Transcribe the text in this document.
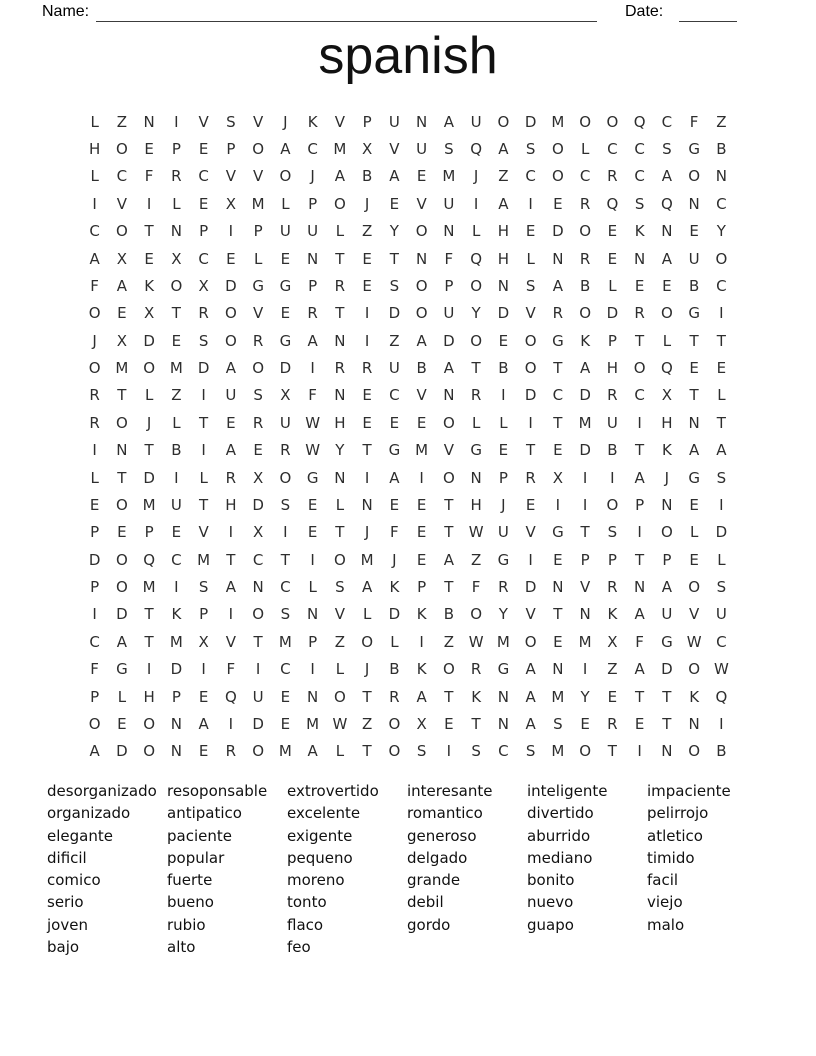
Name:	Date:
spanish
L	Z	N	I	V	S	V	J	K	V	P	U	N	A	U	O	D M O	O	Q	C	F	Z
H	O	E	P	E	P	O	A	C	M	X	V	U	S	Q	A	S	O	L	C	C	S	G	B
L	C	F	R	C	V	V	O	J	A	B	A	E	M	J	Z	C	O	C	R	C	A	O	N
I	V	I	L	E	X	M	L	P	O	J	E	V	U	I	A	I	E	R	Q	S	Q	N	C
C	O	T	N	P	I	P	U	U	L	Z	Y	O	N	L	H	E	D	O	E	K	N	E	Y
A	X	E	X	C	E	L	E	N	T	E	T	N	F	Q	H	L	N	R	E	N	A	U	O
F	A	K	O	X	D	G	G	P	R	E	S	O	P	O	N	S	A	B	L	E	E	B	C
O	E	X	T	R	O	V	E	R	T	I	D	O	U	Y	D	V	R	O	D	R	O	G	I
J	X	D	E	S	O	R	G	A	N	I	Z	A	D	O	E	O	G	K	P	T	L	T	T
O M O M	D	A	O	D	I	R	R	U	B	A	T	B	O	T	A	H	O	Q	E	E
R	T	L	Z	I	U	S	X	F	N	E	C	V	N	R	I	D	C	D	R	C	X	T	L
R	O	J	L	T	E	R	U W H	E	E	E	O	L	L	I	T	M	U	I	H	N	T
I	N	T	B	I	A	E	R W	Y	T	G M	V	G	E	T	E	D	B	T	K	A	A
L	T	D	I	L	R	X	O	G	N	I	A	I	O	N	P	R	X	I	I	A	J	G	S
E	O M	U	T	H	D	S	E	L	N	E	E	T	H	J	E	I	I	O	P	N	E	I
P	E	P	E	V	I	X	I	E	T	J	F	E	T	W U	V	G	T	S	I	O	L	D
D	O	Q	C	M	T	C	T	I	O M	J	E	A	Z	G	I	E	P	P	T	P	E	L
P	O M	I	S	A	N	C	L	S	A	K	P	T	F	R	D	N	V	R	N	A	O	S
I	D	T	K	P	I	O	S	N	V	L	D	K	B	O	Y	V	T	N	K	A	U	V	U
C	A	T	M	X	V	T	M	P	Z	O	L	I	Z W M O	E	M	X	F	G W C
F	G	I	D	I	F	I	C	I	L	J	B	K	O	R	G	A	N	I	Z	A	D	O W
P	L	H	P	E	Q	U	E	N	O	T	R	A	T	K	N	A	M	Y	E	T	T	K	Q
O	E	O	N	A	I	D	E	M W Z	O	X	E	T	N	A	S	E	R	E	T	N	I
A	D	O	N	E	R	O M	A	L	T	O	S	I	S	C	S	M O	T	I	N	O	B
desorganizado
organizado
elegante
dificil
comico
serio
joven
bajo
resoponsable
antipatico
paciente
popular
fuerte
bueno
rubio
alto
extrovertido
excelente
exigente
pequeno
moreno
tonto
flaco
feo
interesante
romantico
generoso
delgado
grande
debil
gordo
inteligente
divertido
aburrido
mediano
bonito
nuevo
guapo
impaciente
pelirrojo
atletico
timido
facil
viejo
malo
